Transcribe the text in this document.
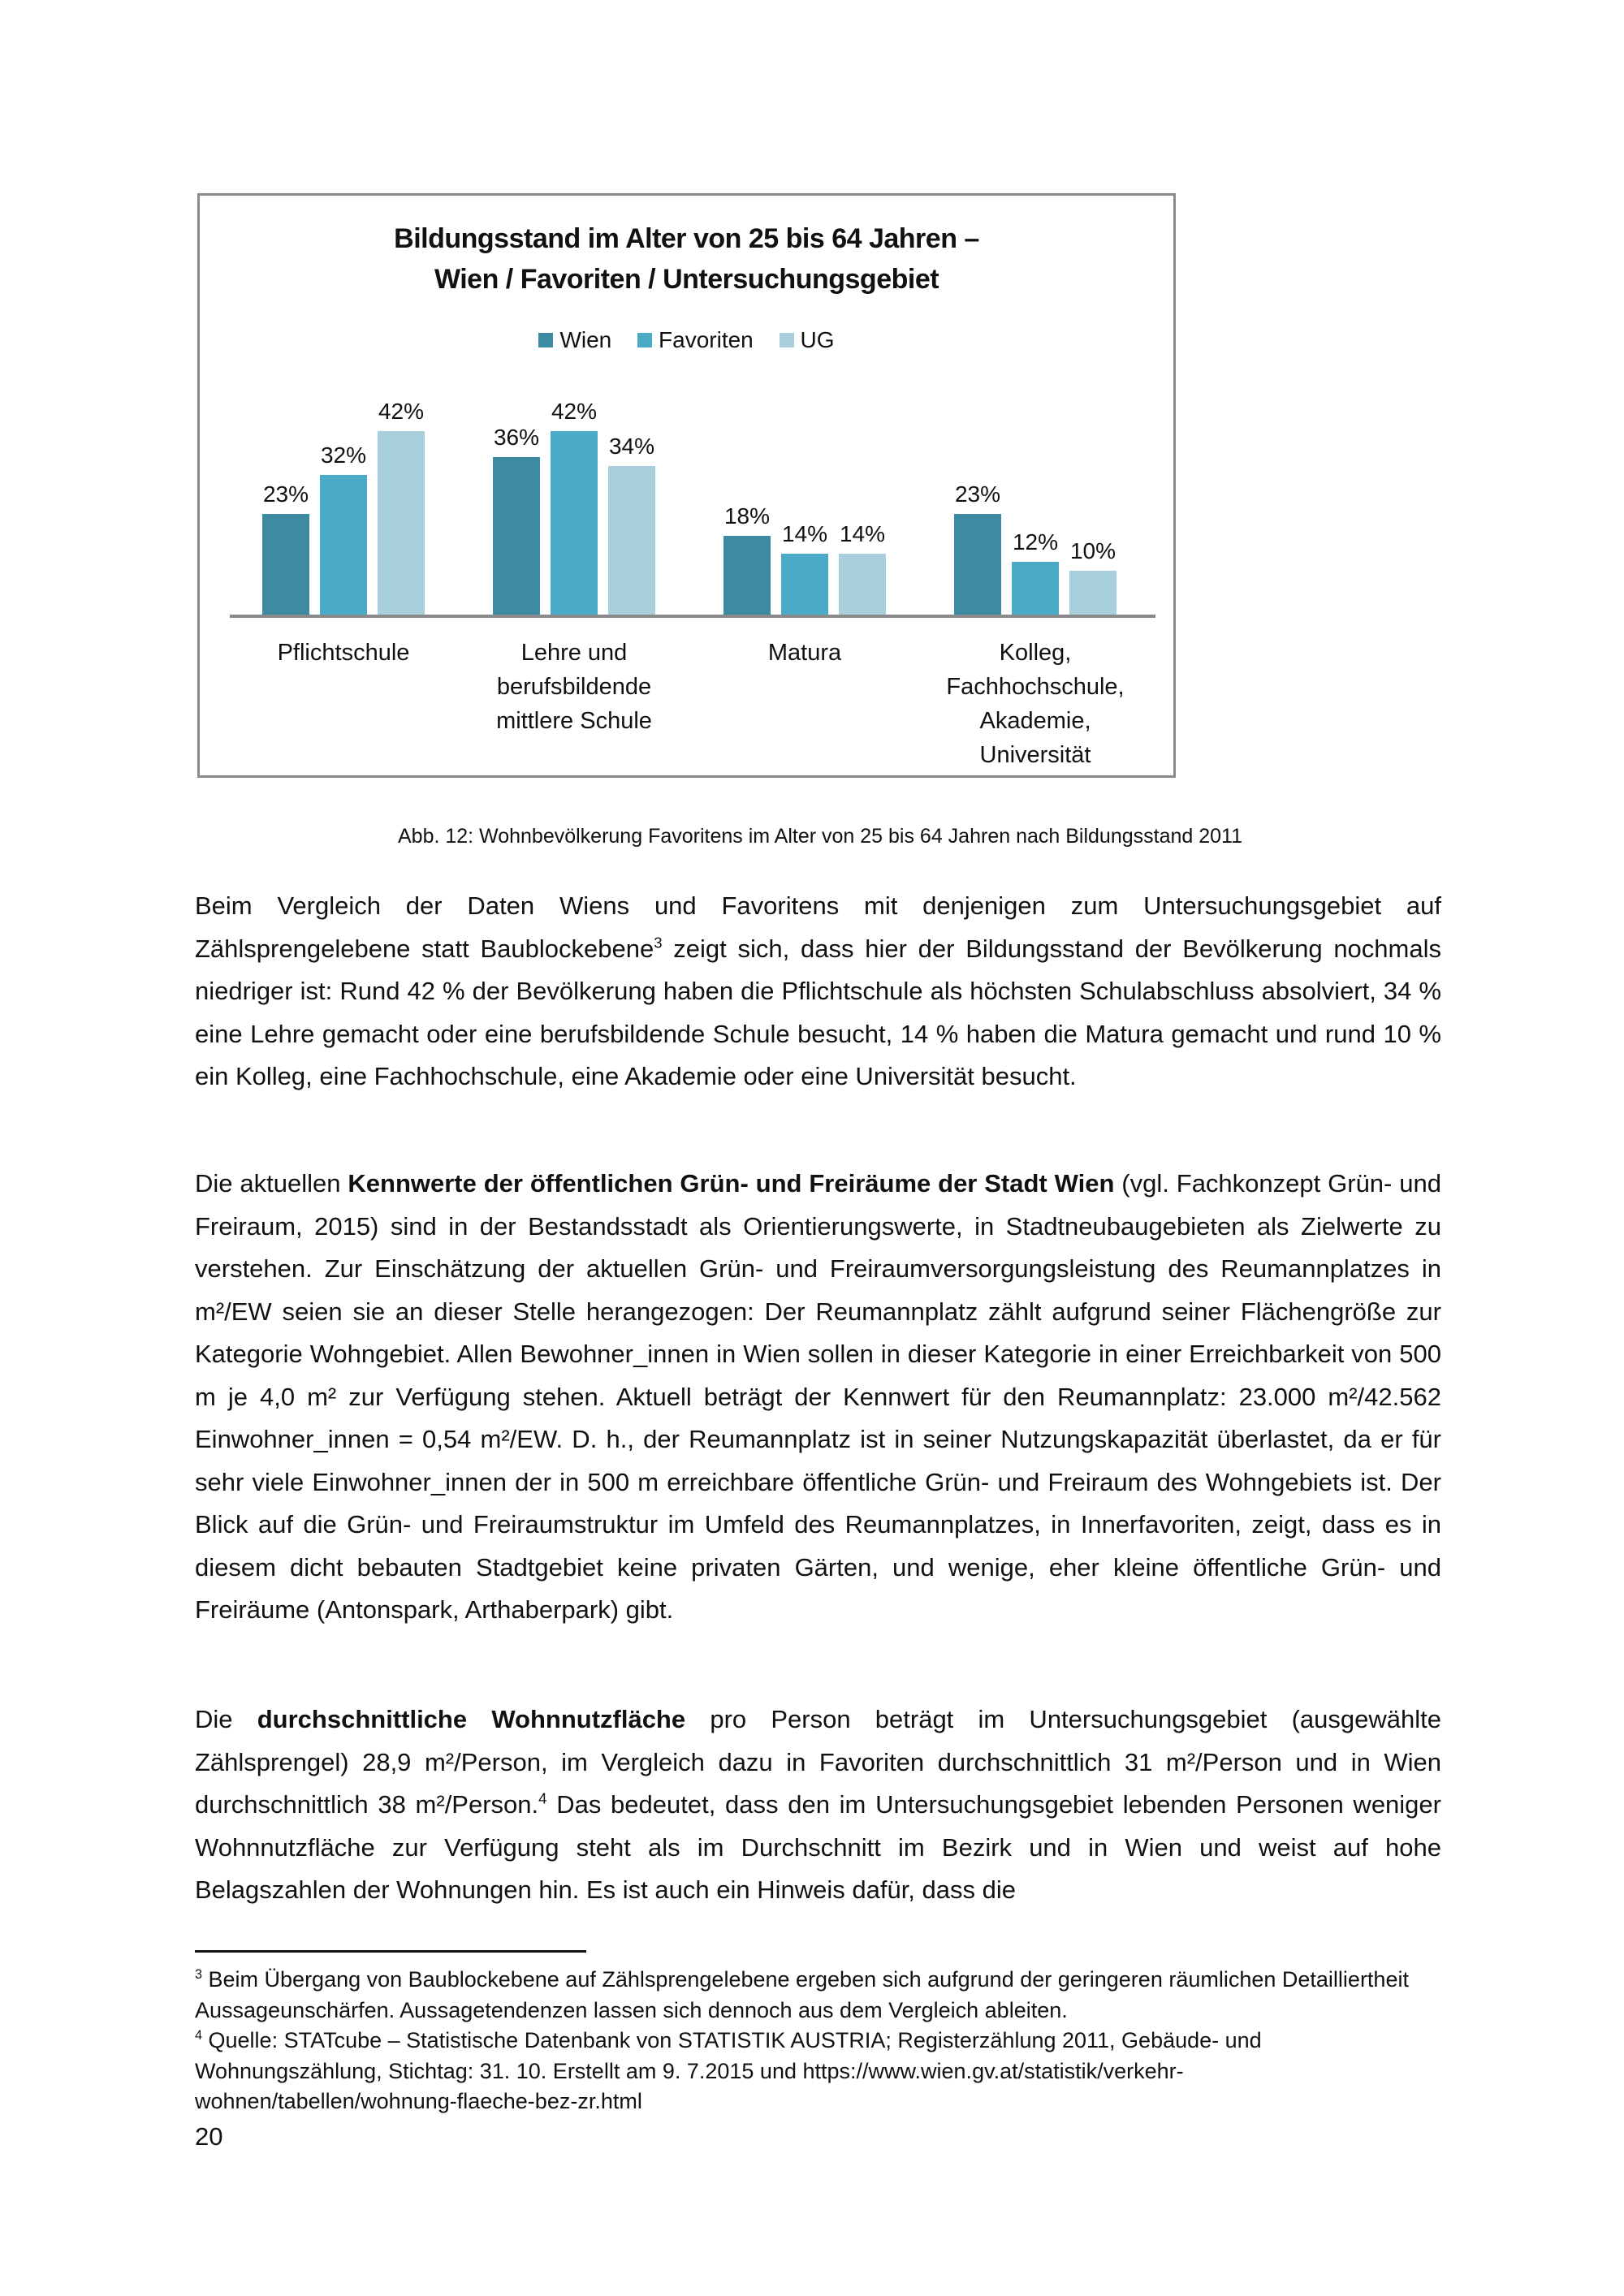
Bildungsstand im Alter von 25 bis 64 Jahren –
Wien / Favoriten / Untersuchungsgebiet
Wien
Favoriten
UG
23%
32%
42%
Pflichtschule
36%
42%
34%
Lehre und
berufsbildende
mittlere Schule
18%
14% 14%
Matura
23%
12% 10%
Kolleg,
Fachhochschule,
Akademie,
Universität
Abb. 12: Wohnbevölkerung Favoritens im Alter von 25 bis 64 Jahren nach Bildungsstand 2011

Beim Vergleich der Daten Wiens und Favoritens mit denjenigen zum Untersuchungsgebiet auf Zählsprengelebene statt Baublockebene$^3$ zeigt sich, dass hier der Bildungsstand der Bevölkerung nochmals niedriger ist: Rund 42 % der Bevölkerung haben die Pflichtschule als höchsten Schulabschluss absolviert, 34 % eine Lehre gemacht oder eine berufsbildende Schule besucht, 14 % haben die Matura gemacht und rund 10 % ein Kolleg, eine Fachhochschule, eine Akademie oder eine Universität besucht.

Die aktuellen Kennwerte der öffentlichen Grün- und Freiräume der Stadt Wien (vgl. Fachkonzept Grün- und Freiraum, 2015) sind in der Bestandsstadt als Orientierungswerte, in Stadtneubaugebieten als Zielwerte zu verstehen. Zur Einschätzung der aktuellen Grün- und Freiraumversorgungsleistung des Reumannplatzes in m²/EW seien sie an dieser Stelle herangezogen: Der Reumannplatz zählt aufgrund seiner Flächengröße zur Kategorie Wohngebiet. Allen Bewohner_innen in Wien sollen in dieser Kategorie in einer Erreichbarkeit von 500 m je 4,0 m² zur Verfügung stehen. Aktuell beträgt der Kennwert für den Reumannplatz: 23.000 m²/42.562 Einwohner_innen = 0,54 m²/EW. D. h., der Reumannplatz ist in seiner Nutzungskapazität überlastet, da er für sehr viele Einwohner_innen der in 500 m erreichbare öffentliche Grün- und Freiraum des Wohngebiets ist. Der Blick auf die Grün- und Freiraumstruktur im Umfeld des Reumannplatzes, in Innerfavoriten, zeigt, dass es in diesem dicht bebauten Stadtgebiet keine privaten Gärten, und wenige, eher kleine öffentliche Grün- und Freiräume (Antonspark, Arthaberpark) gibt.

Die durchschnittliche Wohnnutzfläche pro Person beträgt im Untersuchungsgebiet (ausgewählte Zählsprengel) 28,9 m²/Person, im Vergleich dazu in Favoriten durchschnittlich 31 m²/Person und in Wien durchschnittlich 38 m²/Person.$^4$ Das bedeutet, dass den im Untersuchungsgebiet lebenden Personen weniger Wohnnutzfläche zur Verfügung steht als im Durchschnitt im Bezirk und in Wien und weist auf hohe Belagszahlen der Wohnungen hin. Es ist auch ein Hinweis dafür, dass die

$^3$ Beim Übergang von Baublockebene auf Zählsprengelebene ergeben sich aufgrund der geringeren räumlichen Detailliertheit Aussageunschärfen. Aussagetendenzen lassen sich dennoch aus dem Vergleich ableiten.

$^4$ Quelle: STATcube – Statistische Datenbank von STATISTIK AUSTRIA; Registerzählung 2011, Gebäude- und Wohnungszählung, Stichtag: 31. 10. Erstellt am 9. 7.2015 und https://www.wien.gv.at/statistik/verkehr-wohnen/tabellen/wohnung-flaeche-bez-zr.html

20
